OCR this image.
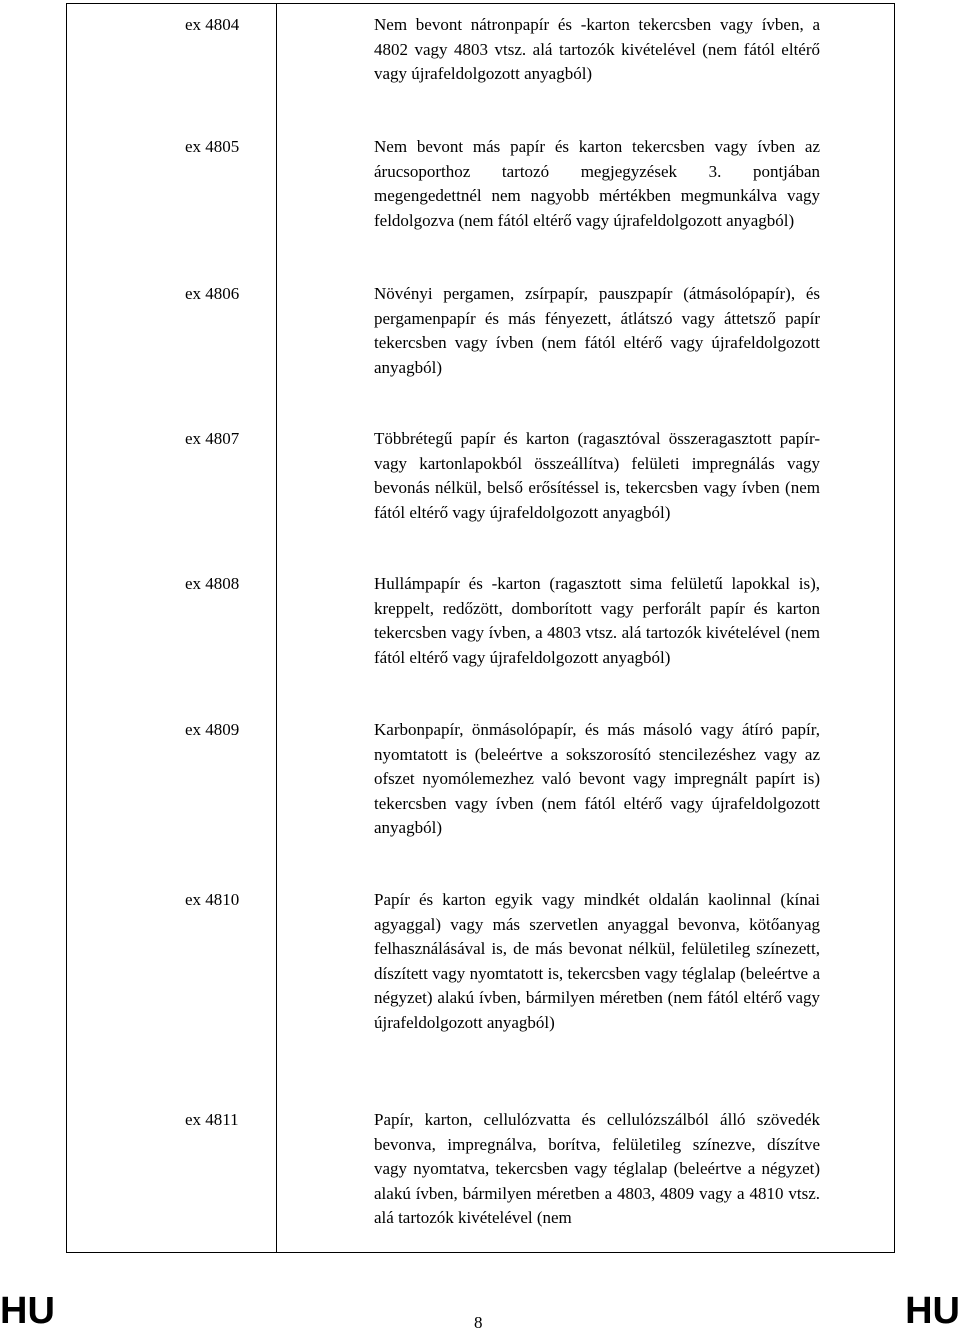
ex 4804	Nem bevont nátronpapír és -karton tekercsben vagy ívben, a 4802 vagy 4803 vtsz. alá tartozók kivételével (nem fától eltérő vagy újrafeldolgozott anyagból)
ex 4805	Nem bevont más papír és karton tekercsben vagy ívben az árucsoporthoz tartozó megjegyzések 3. pontjában megengedettnél nem nagyobb mértékben megmunkálva vagy feldolgozva (nem fától eltérő vagy újrafeldolgozott anyagból)
ex 4806	Növényi pergamen, zsírpapír, pauszpapír (átmásolópapír), és pergamenpapír és más fényezett, átlátszó vagy áttetsző papír tekercsben vagy ívben (nem fától eltérő vagy újrafeldolgozott anyagból)
ex 4807	Többrétegű papír és karton (ragasztóval összeragasztott papír- vagy kartonlapokból összeállítva) felületi impregnálás vagy bevonás nélkül, belső erősítéssel is, tekercsben vagy ívben (nem fától eltérő vagy újrafeldolgozott anyagból)
ex 4808	Hullámpapír és -karton (ragasztott sima felületű lapokkal is), kreppelt, redőzött, domborított vagy perforált papír és karton tekercsben vagy ívben, a 4803 vtsz. alá tartozók kivételével (nem fától eltérő vagy újrafeldolgozott anyagból)
ex 4809	Karbonpapír, önmásolópapír, és más másoló vagy átíró papír, nyomtatott is (beleértve a sokszorosító stencilezéshez vagy az ofszet nyomólemezhez való bevont vagy impregnált papírt is) tekercsben vagy ívben (nem fától eltérő vagy újrafeldolgozott anyagból)
ex 4810	Papír és karton egyik vagy mindkét oldalán kaolinnal (kínai agyaggal) vagy más szervetlen anyaggal bevonva, kötőanyag felhasználásával is, de más bevonat nélkül, felületileg színezett, díszített vagy nyomtatott is, tekercsben vagy téglalap (beleértve a négyzet) alakú ívben, bármilyen méretben (nem fától eltérő vagy újrafeldolgozott anyagból)
ex 4811	Papír, karton, cellulózvatta és cellulózszálból álló szövedék bevonva, impregnálva, borítva, felületileg színezve, díszítve vagy nyomtatva, tekercsben vagy téglalap (beleértve a négyzet) alakú ívben, bármilyen méretben a 4803, 4809 vagy a 4810 vtsz. alá tartozók kivételével (nem
HU	8	HU
